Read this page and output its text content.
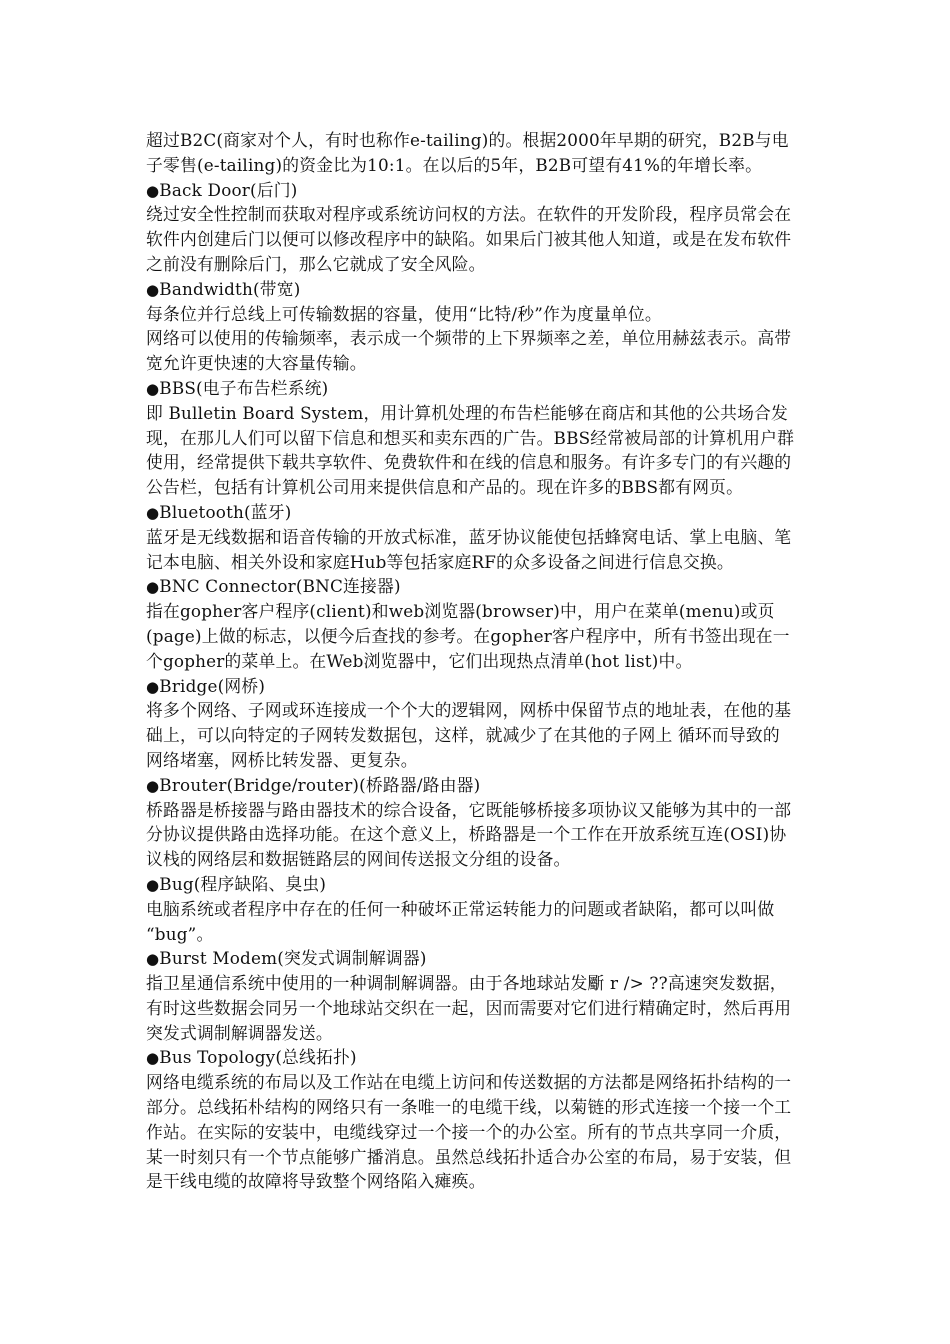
超过B2C(商家对个人，有时也称作e-tailing)的。根据2000年早期的研究，B2B与电
子零售(e-tailing)的资金比为10:1。在以后的5年，B2B可望有41%的年增长率。
●Back Door(后门)
绕过安全性控制而获取对程序或系统访问权的方法。在软件的开发阶段，程序员常会在
软件内创建后门以便可以修改程序中的缺陷。如果后门被其他人知道，或是在发布软件
之前没有删除后门，那么它就成了安全风险。
●Bandwidth(带宽)
每条位并行总线上可传输数据的容量，使用“比特/秒”作为度量单位。
网络可以使用的传输频率，表示成一个频带的上下界频率之差，单位用赫兹表示。高带
宽允许更快速的大容量传输。
●BBS(电子布告栏系统)
即 Bulletin Board System，用计算机处理的布告栏能够在商店和其他的公共场合发
现，在那儿人们可以留下信息和想买和卖东西的广告。BBS经常被局部的计算机用户群
使用，经常提供下载共享软件、免费软件和在线的信息和服务。有许多专门的有兴趣的
公告栏，包括有计算机公司用来提供信息和产品的。现在许多的BBS都有网页。
●Bluetooth(蓝牙)
蓝牙是无线数据和语音传输的开放式标准，蓝牙协议能使包括蜂窝电话、掌上电脑、笔
记本电脑、相关外设和家庭Hub等包括家庭RF的众多设备之间进行信息交换。
●BNC Connector(BNC连接器)
指在gopher客户程序(client)和web浏览器(browser)中，用户在菜单(menu)或页
(page)上做的标志，以便今后查找的参考。在gopher客户程序中，所有书签出现在一
个gopher的菜单上。在Web浏览器中，它们出现热点清单(hot list)中。
●Bridge(网桥)
将多个网络、子网或环连接成一个个大的逻辑网，网桥中保留节点的地址表，在他的基
础上，可以向特定的子网转发数据包，这样，就减少了在其他的子网上 循环而导致的
网络堵塞，网桥比转发器、更复杂。
●Brouter(Bridge/router)(桥路器/路由器)
桥路器是桥接器与路由器技术的综合设备，它既能够桥接多项协议又能够为其中的一部
分协议提供路由选择功能。在这个意义上，桥路器是一个工作在开放系统互连(OSI)协
议栈的网络层和数据链路层的网间传送报文分组的设备。
●Bug(程序缺陷、臭虫)
电脑系统或者程序中存在的任何一种破坏正常运转能力的问题或者缺陷，都可以叫做
“bug”。
●Burst Modem(突发式调制解调器)
指卫星通信系统中使用的一种调制解调器。由于各地球站发斸 r /> ??高速突发数据，
有时这些数据会同另一个地球站交织在一起，因而需要对它们进行精确定时，然后再用
突发式调制解调器发送。
●Bus Topology(总线拓扑)
网络电缆系统的布局以及工作站在电缆上访问和传送数据的方法都是网络拓扑结构的一
部分。总线拓朴结构的网络只有一条唯一的电缆干线，以菊链的形式连接一个接一个工
作站。在实际的安装中，电缆线穿过一个接一个的办公室。所有的节点共享同一介质，
某一时刻只有一个节点能够广播消息。虽然总线拓扑适合办公室的布局，易于安装，但
是干线电缆的故障将导致整个网络陷入瘫痪。
